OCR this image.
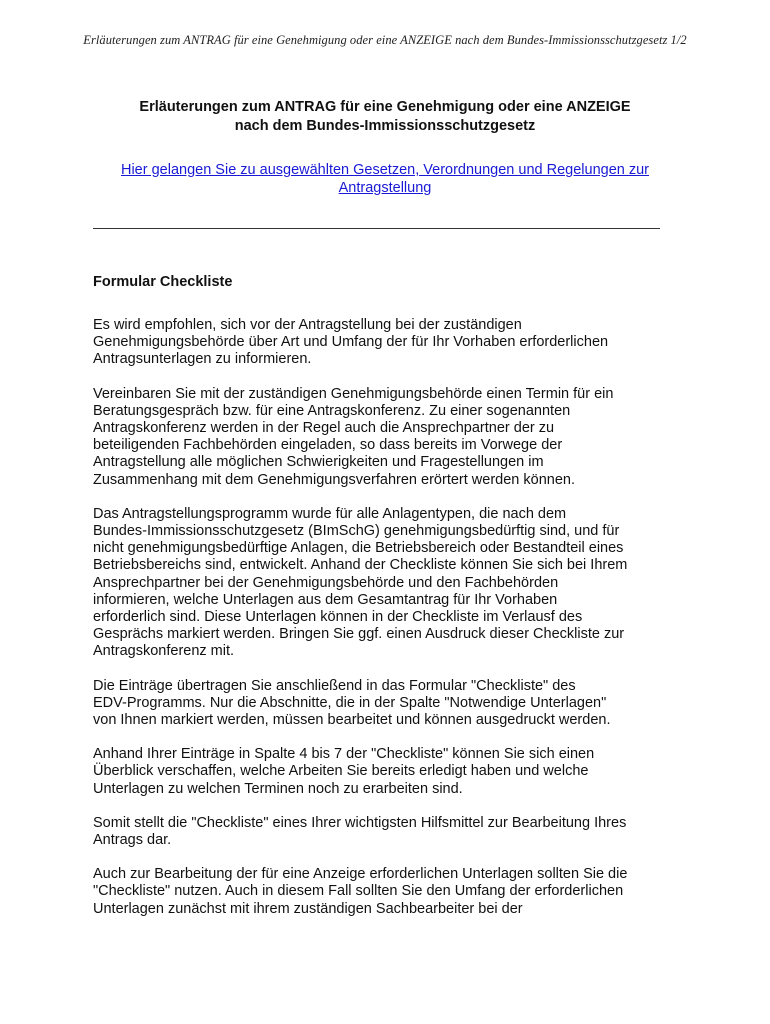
Erläuterungen zum ANTRAG für eine Genehmigung oder eine ANZEIGE nach dem Bundes-Immissionsschutzgesetz 1/2
Erläuterungen zum ANTRAG für eine Genehmigung oder eine ANZEIGE
nach dem Bundes-Immissionsschutzgesetz
Hier gelangen Sie zu ausgewählten Gesetzen, Verordnungen und Regelungen zur
Antragstellung
Formular Checkliste

Es wird empfohlen, sich vor der Antragstellung bei der zuständigen
Genehmigungsbehörde über Art und Umfang der für Ihr Vorhaben erforderlichen
Antragsunterlagen zu informieren.

Vereinbaren Sie mit der zuständigen Genehmigungsbehörde einen Termin für ein
Beratungsgespräch bzw. für eine Antragskonferenz. Zu einer sogenannten
Antragskonferenz werden in der Regel auch die Ansprechpartner der zu
beteiligenden Fachbehörden eingeladen, so dass bereits im Vorwege der
Antragstellung alle möglichen Schwierigkeiten und Fragestellungen im
Zusammenhang mit dem Genehmigungsverfahren erörtert werden können.

Das Antragstellungsprogramm wurde für alle Anlagentypen, die nach dem
Bundes-Immissionsschutzgesetz (BImSchG) genehmigungsbedürftig sind, und für
nicht genehmigungsbedürftige Anlagen, die Betriebsbereich oder Bestandteil eines
Betriebsbereichs sind, entwickelt. Anhand der Checkliste können Sie sich bei Ihrem
Ansprechpartner bei der Genehmigungsbehörde und den Fachbehörden
informieren, welche Unterlagen aus dem Gesamtantrag für Ihr Vorhaben
erforderlich sind. Diese Unterlagen können in der Checkliste im Verlausf des
Gesprächs markiert werden. Bringen Sie ggf. einen Ausdruck dieser Checkliste zur
Antragskonferenz mit.

Die Einträge übertragen Sie anschließend in das Formular "Checkliste" des
EDV-Programms. Nur die Abschnitte, die in der Spalte "Notwendige Unterlagen"
von Ihnen markiert werden, müssen bearbeitet und können ausgedruckt werden.

Anhand Ihrer Einträge in Spalte 4 bis 7 der "Checkliste" können Sie sich einen
Überblick verschaffen, welche Arbeiten Sie bereits erledigt haben und welche
Unterlagen zu welchen Terminen noch zu erarbeiten sind.

Somit stellt die "Checkliste" eines Ihrer wichtigsten Hilfsmittel zur Bearbeitung Ihres
Antrags dar.

Auch zur Bearbeitung der für eine Anzeige erforderlichen Unterlagen sollten Sie die
"Checkliste" nutzen. Auch in diesem Fall sollten Sie den Umfang der erforderlichen
Unterlagen zunächst mit ihrem zuständigen Sachbearbeiter bei der
